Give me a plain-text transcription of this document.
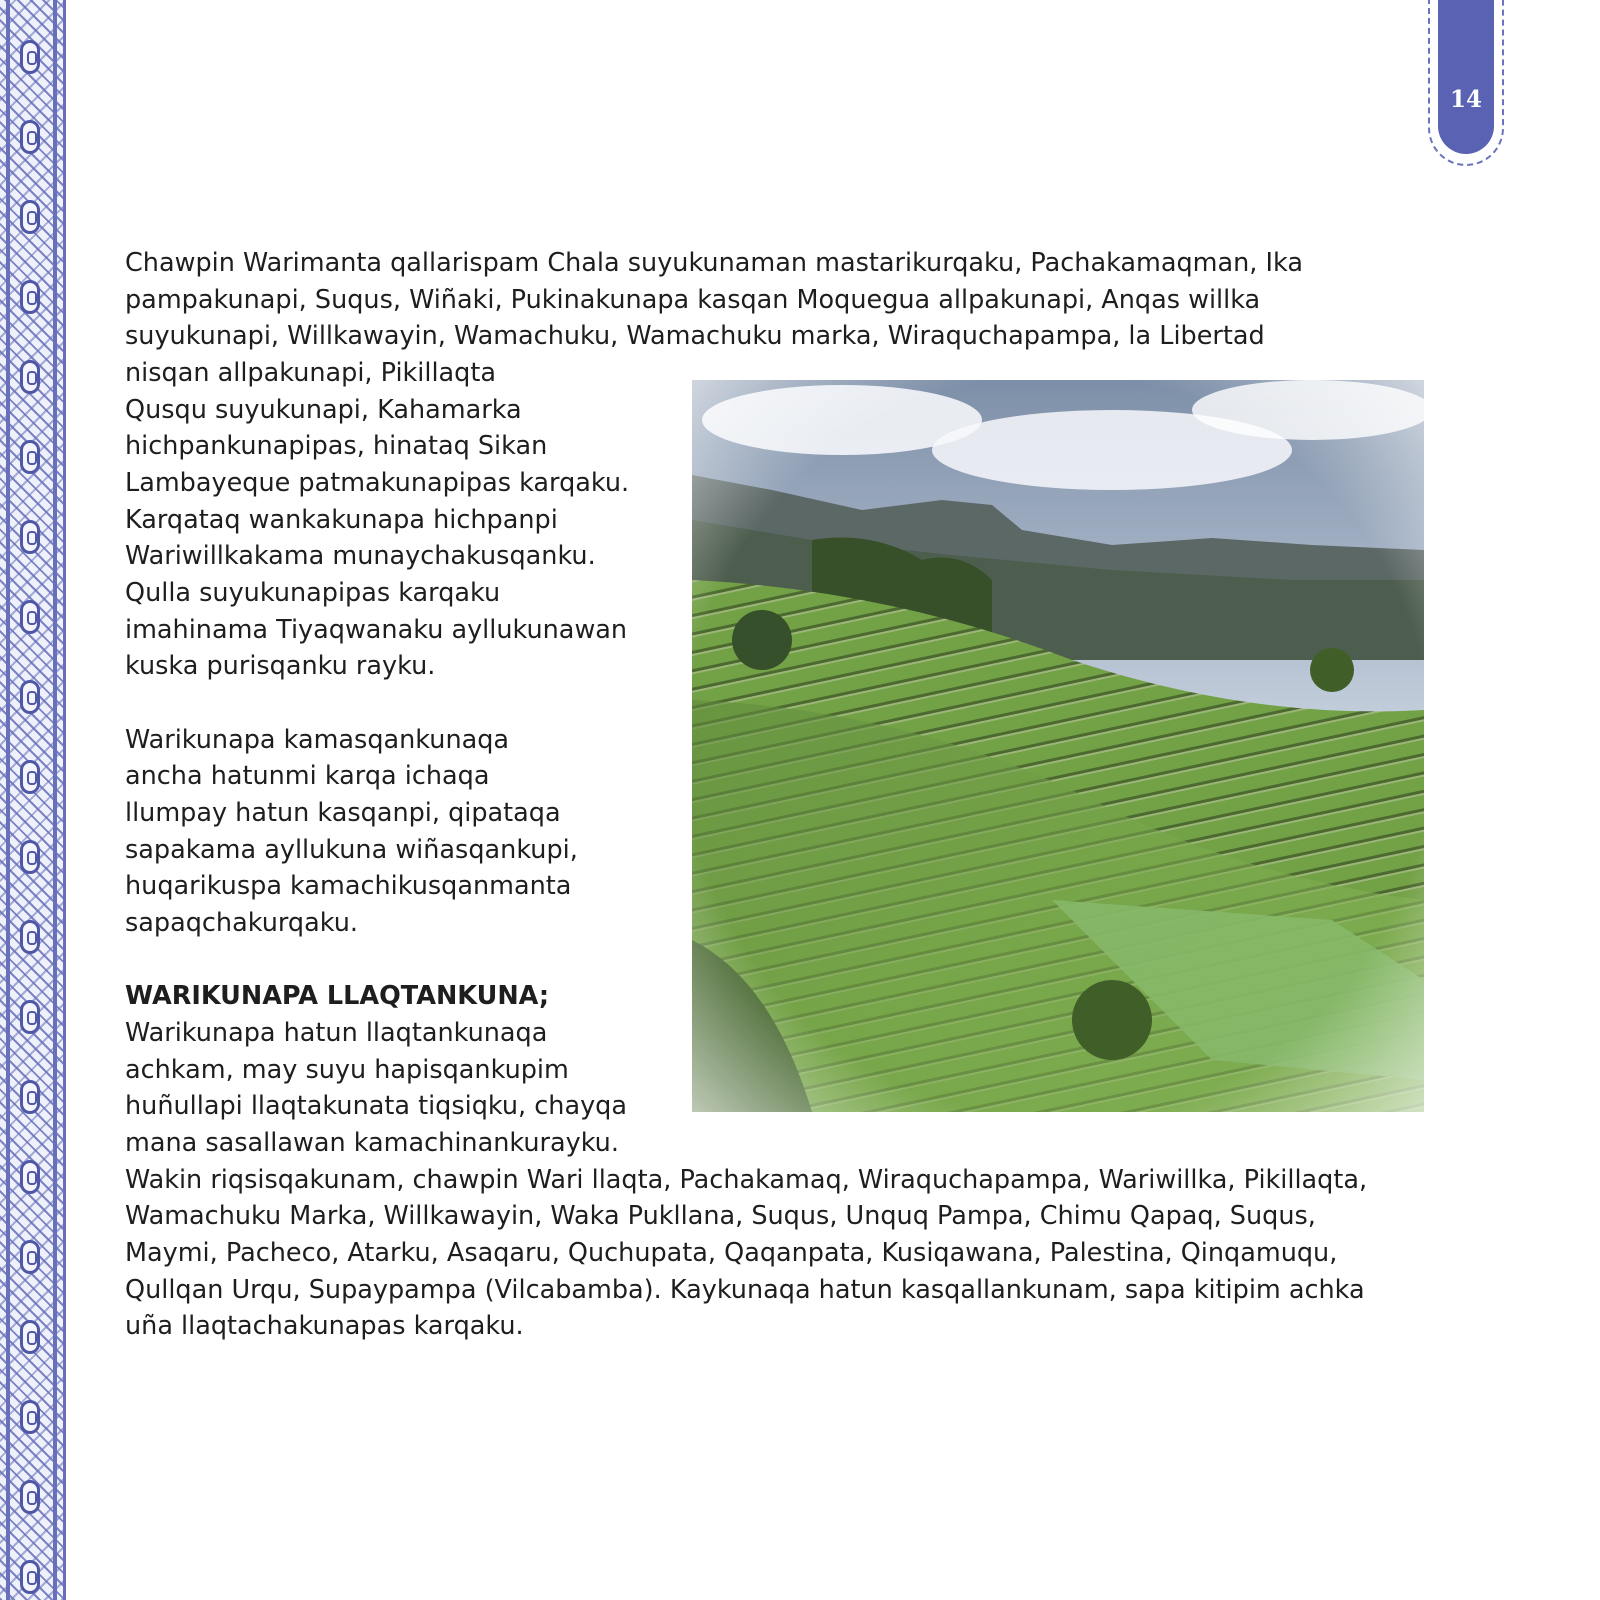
14

Chawpin Warimanta qallarispam Chala suyukunaman mastarikurqaku, Pachakamaqman, Ika

pampakunapi, Suqus, Wiñaki, Pukinakunapa kasqan Moquegua allpakunapi, Anqas willka

suyukunapi, Willkawayin, Wamachuku, Wamachuku marka, Wiraquchapampa, la Libertad

nisqan allpakunapi, Pikillaqta

Qusqu suyukunapi, Kahamarka

hichpankunapipas, hinataq Sikan

Lambayeque patmakunapipas karqaku.

Karqataq wankakunapa hichpanpi

Wariwillkakama munaychakusqanku.

Qulla suyukunapipas karqaku

imahinama Tiyaqwanaku ayllukunawan

kuska purisqanku rayku.

Warikunapa kamasqankunaqa

ancha hatunmi karqa ichaqa

llumpay hatun kasqanpi, qipataqa

sapakama ayllukuna wiñasqankupi,

huqarikuspa kamachikusqanmanta

sapaqchakurqaku.

WARIKUNAPA LLAQTANKUNA;

Warikunapa hatun llaqtankunaqa

achkam, may suyu hapisqankupim

huñullapi llaqtakunata tiqsiqku, chayqa

mana sasallawan kamachinankurayku.

Wakin riqsisqakunam, chawpin Wari llaqta, Pachakamaq, Wiraquchapampa, Wariwillka, Pikillaqta,

Wamachuku Marka, Willkawayin, Waka Pukllana, Suqus, Unquq Pampa, Chimu Qapaq, Suqus,

Maymi, Pacheco, Atarku, Asaqaru, Quchupata, Qaqanpata, Kusiqawana, Palestina, Qinqamuqu,

Qullqan Urqu, Supaypampa (Vilcabamba). Kaykunaqa hatun kasqallankunam, sapa kitipim achka

uña llaqtachakunapas karqaku.
